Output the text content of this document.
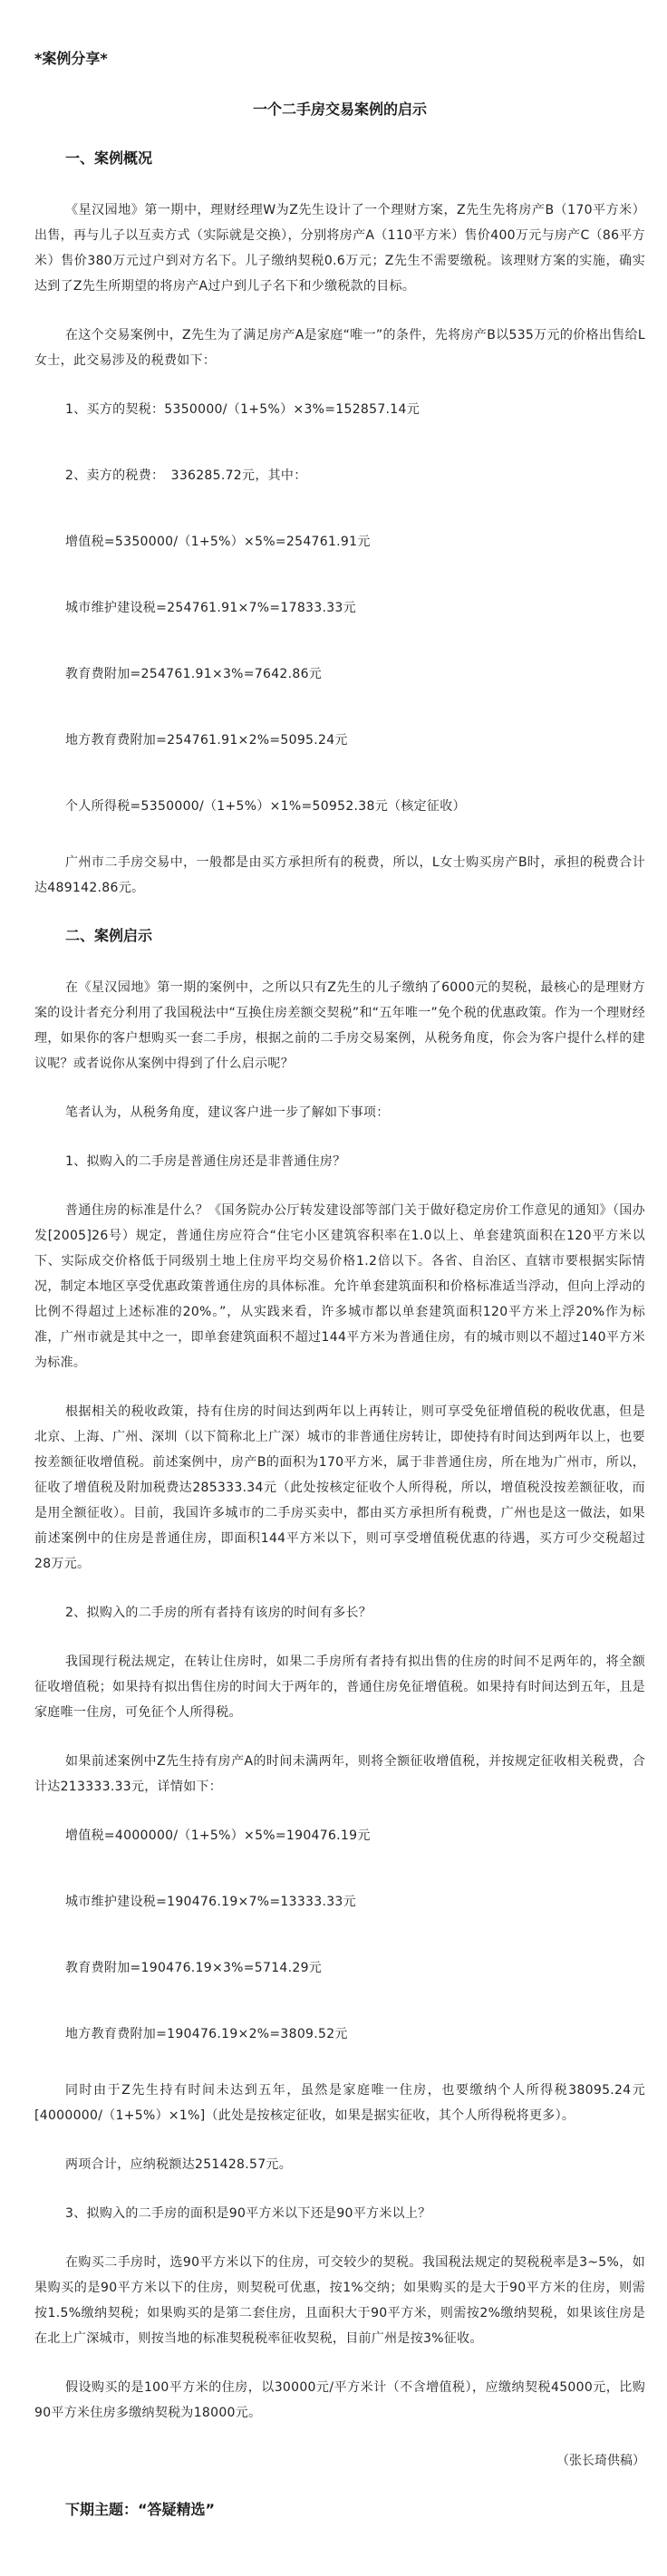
*案例分享*
一个二手房交易案例的启示
一、案例概况

《星汉园地》第一期中，理财经理W为Z先生设计了一个理财方案，Z先生先将房产B（170平方米）出售，再与儿子以互卖方式（实际就是交换），分别将房产A（110平方米）售价400万元与房产C（86平方米）售价380万元过户到对方名下。儿子缴纳契税0.6万元；Z先生不需要缴税。该理财方案的实施，确实达到了Z先生所期望的将房产A过户到儿子名下和少缴税款的目标。

在这个交易案例中，Z先生为了满足房产A是家庭“唯一”的条件，先将房产B以535万元的价格出售给L女士，此交易涉及的税费如下：

1、买方的契税：5350000/（1+5%）×3%=152857.14元

2、卖方的税费：　336285.72元，其中：

增值税=5350000/（1+5%）×5%=254761.91元

城市维护建设税=254761.91×7%=17833.33元

教育费附加=254761.91×3%=7642.86元

地方教育费附加=254761.91×2%=5095.24元

个人所得税=5350000/（1+5%）×1%=50952.38元（核定征收）

广州市二手房交易中，一般都是由买方承担所有的税费，所以，L女士购买房产B时，承担的税费合计达489142.86元。

二、案例启示

在《星汉园地》第一期的案例中，之所以只有Z先生的儿子缴纳了6000元的契税，最核心的是理财方案的设计者充分利用了我国税法中“互换住房差额交契税”和“五年唯一”免个税的优惠政策。作为一个理财经理，如果你的客户想购买一套二手房，根据之前的二手房交易案例，从税务角度，你会为客户提什么样的建议呢？或者说你从案例中得到了什么启示呢？

笔者认为，从税务角度，建议客户进一步了解如下事项：

1、拟购入的二手房是普通住房还是非普通住房？

普通住房的标准是什么？《国务院办公厅转发建设部等部门关于做好稳定房价工作意见的通知》（国办发[2005]26号）规定，普通住房应符合“住宅小区建筑容积率在1.0以上、单套建筑面积在120平方米以下、实际成交价格低于同级别土地上住房平均交易价格1.2倍以下。各省、自治区、直辖市要根据实际情况，制定本地区享受优惠政策普通住房的具体标准。允许单套建筑面积和价格标准适当浮动，但向上浮动的比例不得超过上述标准的20%。”，从实践来看，许多城市都以单套建筑面积120平方米上浮20%作为标准，广州市就是其中之一，即单套建筑面积不超过144平方米为普通住房，有的城市则以不超过140平方米为标准。

根据相关的税收政策，持有住房的时间达到两年以上再转让，则可享受免征增值税的税收优惠，但是北京、上海、广州、深圳（以下简称北上广深）城市的非普通住房转让，即使持有时间达到两年以上，也要按差额征收增值税。前述案例中，房产B的面积为170平方米，属于非普通住房，所在地为广州市，所以，征收了增值税及附加税费达285333.34元（此处按核定征收个人所得税，所以，增值税没按差额征收，而是用全额征收）。目前，我国许多城市的二手房买卖中，都由买方承担所有税费，广州也是这一做法，如果前述案例中的住房是普通住房，即面积144平方米以下，则可享受增值税优惠的待遇，买方可少交税超过28万元。

2、拟购入的二手房的所有者持有该房的时间有多长？

我国现行税法规定，在转让住房时，如果二手房所有者持有拟出售的住房的时间不足两年的，将全额征收增值税；如果持有拟出售住房的时间大于两年的，普通住房免征增值税。如果持有时间达到五年，且是家庭唯一住房，可免征个人所得税。

如果前述案例中Z先生持有房产A的时间未满两年，则将全额征收增值税，并按规定征收相关税费，合计达213333.33元，详情如下：

增值税=4000000/（1+5%）×5%=190476.19元

城市维护建设税=190476.19×7%=13333.33元

教育费附加=190476.19×3%=5714.29元

地方教育费附加=190476.19×2%=3809.52元

同时由于Z先生持有时间未达到五年，虽然是家庭唯一住房，也要缴纳个人所得税38095.24元[4000000/（1+5%）×1%]（此处是按核定征收，如果是据实征收，其个人所得税将更多）。

两项合计，应纳税额达251428.57元。

3、拟购入的二手房的面积是90平方米以下还是90平方米以上？

在购买二手房时，选90平方米以下的住房，可交较少的契税。我国税法规定的契税税率是3~5%，如果购买的是90平方米以下的住房，则契税可优惠，按1%交纳；如果购买的是大于90平方米的住房，则需按1.5%缴纳契税；如果购买的是第二套住房，且面积大于90平方米，则需按2%缴纳契税，如果该住房是在北上广深城市，则按当地的标准契税税率征收契税，目前广州是按3%征收。

假设购买的是100平方米的住房，以30000元/平方米计（不含增值税），应缴纳契税45000元，比购90平方米住房多缴纳契税为18000元。

（张长琦供稿）
下期主题：“答疑精选”
